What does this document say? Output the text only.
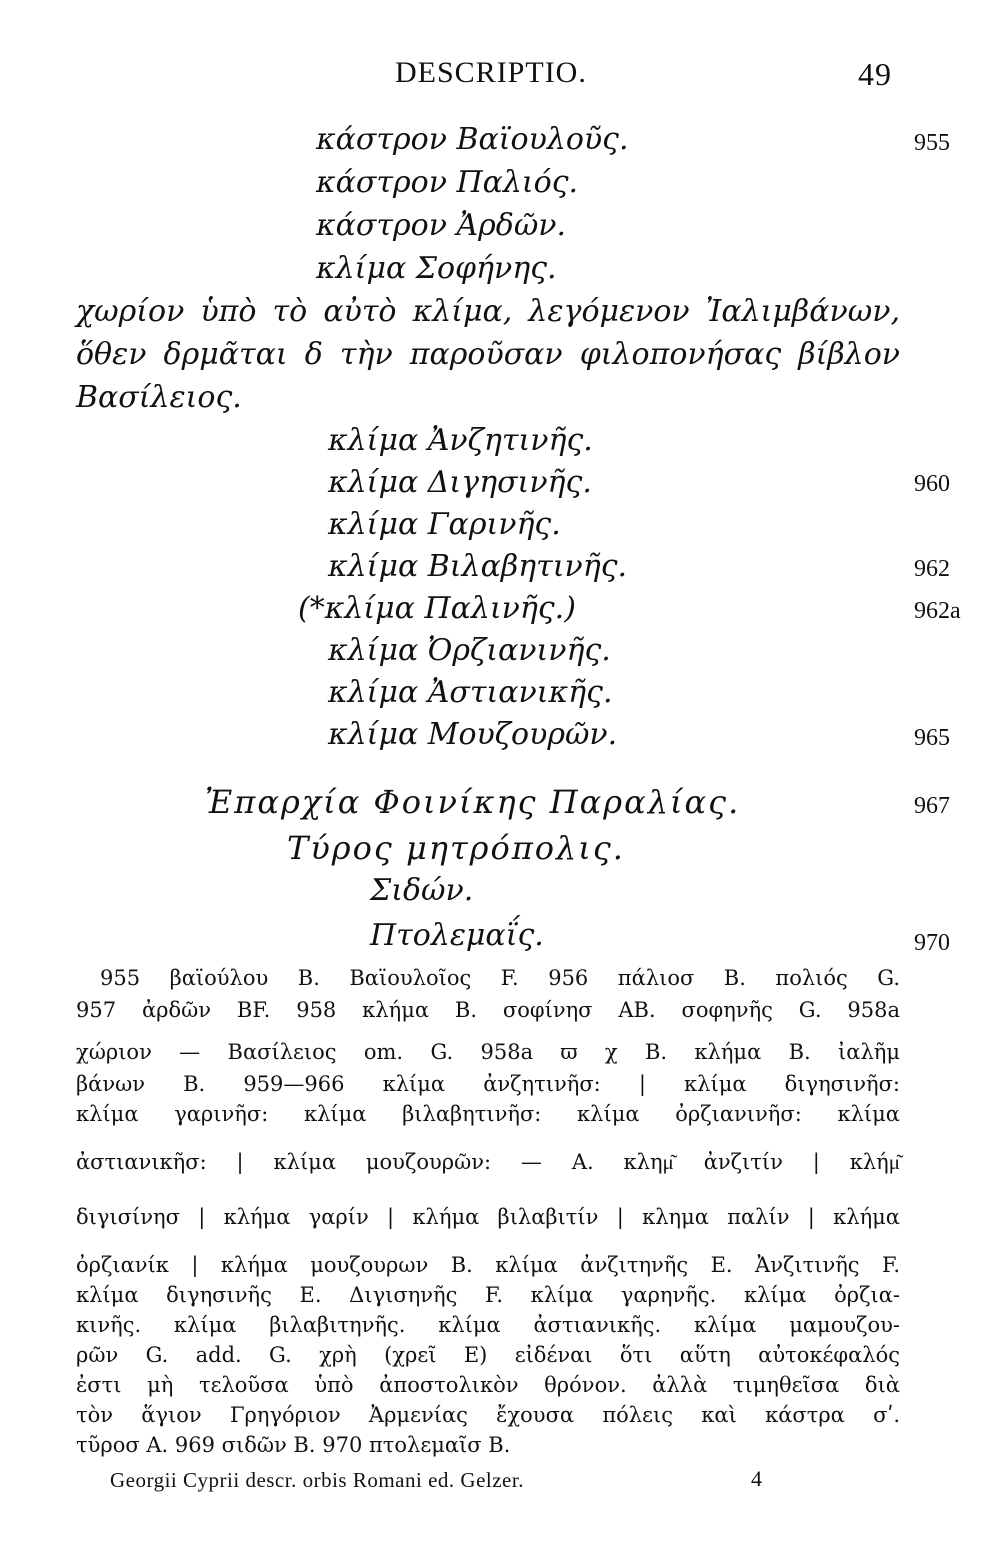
DESCRIPTIO.	49
κάστρον Βαϊουλοῦς.
κάστρον Παλιός.
κάστρον Ἀρδῶν.
κλίμα Σοφήνης.
χωρίον ὑπὸ τὸ αὐτὸ κλίμα, λεγόμενον Ἰαλιμβάνων,
ὅθεν δρμᾶται δ τὴν παροῦσαν φιλοπονήσας βίβλον
Βασίλειος.
κλίμα Ἀνζητινῆς.
κλίμα Διγησινῆς.
κλίμα Γαρινῆς.
κλίμα Βιλαβητινῆς.
(*κλίμα Παλινῆς.)
κλίμα Ὀρζιανινῆς.
κλίμα Ἀστιανικῆς.
κλίμα Μουζουρῶν.
Ἐπαρχία Φοινίκης Παραλίας.
Τύρος μητρόπολις.
Σιδών.
Πτολεμαΐς.
955
960
962
962a
965
967
970
955 βαϊούλου B. Βαϊουλοῖος F. 956 πάλιοσ B. πολιός G.
957 ἀρδῶν BF. 958 κλήμα B. σοφίνησ AB. σοφηνῆς G. 958a
χώριον — Βασίλειος om. G. 958a ϖ χ B. κλήμα B. ἰαλῆμ
βάνων B. 959—966 κλίμα ἀνζητινῆσ: | κλίμα διγησινῆσ:
κλίμα γαρινῆσ: κλίμα βιλαβητινῆσ: κλίμα ὀρζιανινῆσ: κλίμα
ἀστιανικῆσ: | κλίμα μουζουρῶν: — A. κλημ͂ ἀνζιτίν | κλήμ͂
διγισίνησ | κλήμα γαρίν | κλήμα βιλαβιτίν | κλημα παλίν | κλήμα
ὀρζιανίκ | κλήμα μουζουρων B. κλίμα ἀνζιτηνῆς E. Ἀνζιτινῆς F.
κλίμα διγησινῆς E. Διγισηνῆς F. κλίμα γαρηνῆς. κλίμα ὀρζια-
κινῆς. κλίμα βιλαβιτηνῆς. κλίμα ἀστιανικῆς. κλίμα μαμουζου-
ρῶν G. add. G. χρὴ (χρεῖ E) εἰδέναι ὅτι αὕτη αὐτοκέφαλός
ἐστι μὴ τελοῦσα ὑπὸ ἀποστολικὸν θρόνον. ἀλλὰ τιμηθεῖσα διὰ
τὸν ἅγιον Γρηγόριον Ἀρμενίας ἔχουσα πόλεις καὶ κάστρα σʹ.
τῦροσ A. 969 σιδῶν B. 970 πτολεμαῖσ B.
Georgii Cyprii descr. orbis Romani ed. Gelzer.	4
